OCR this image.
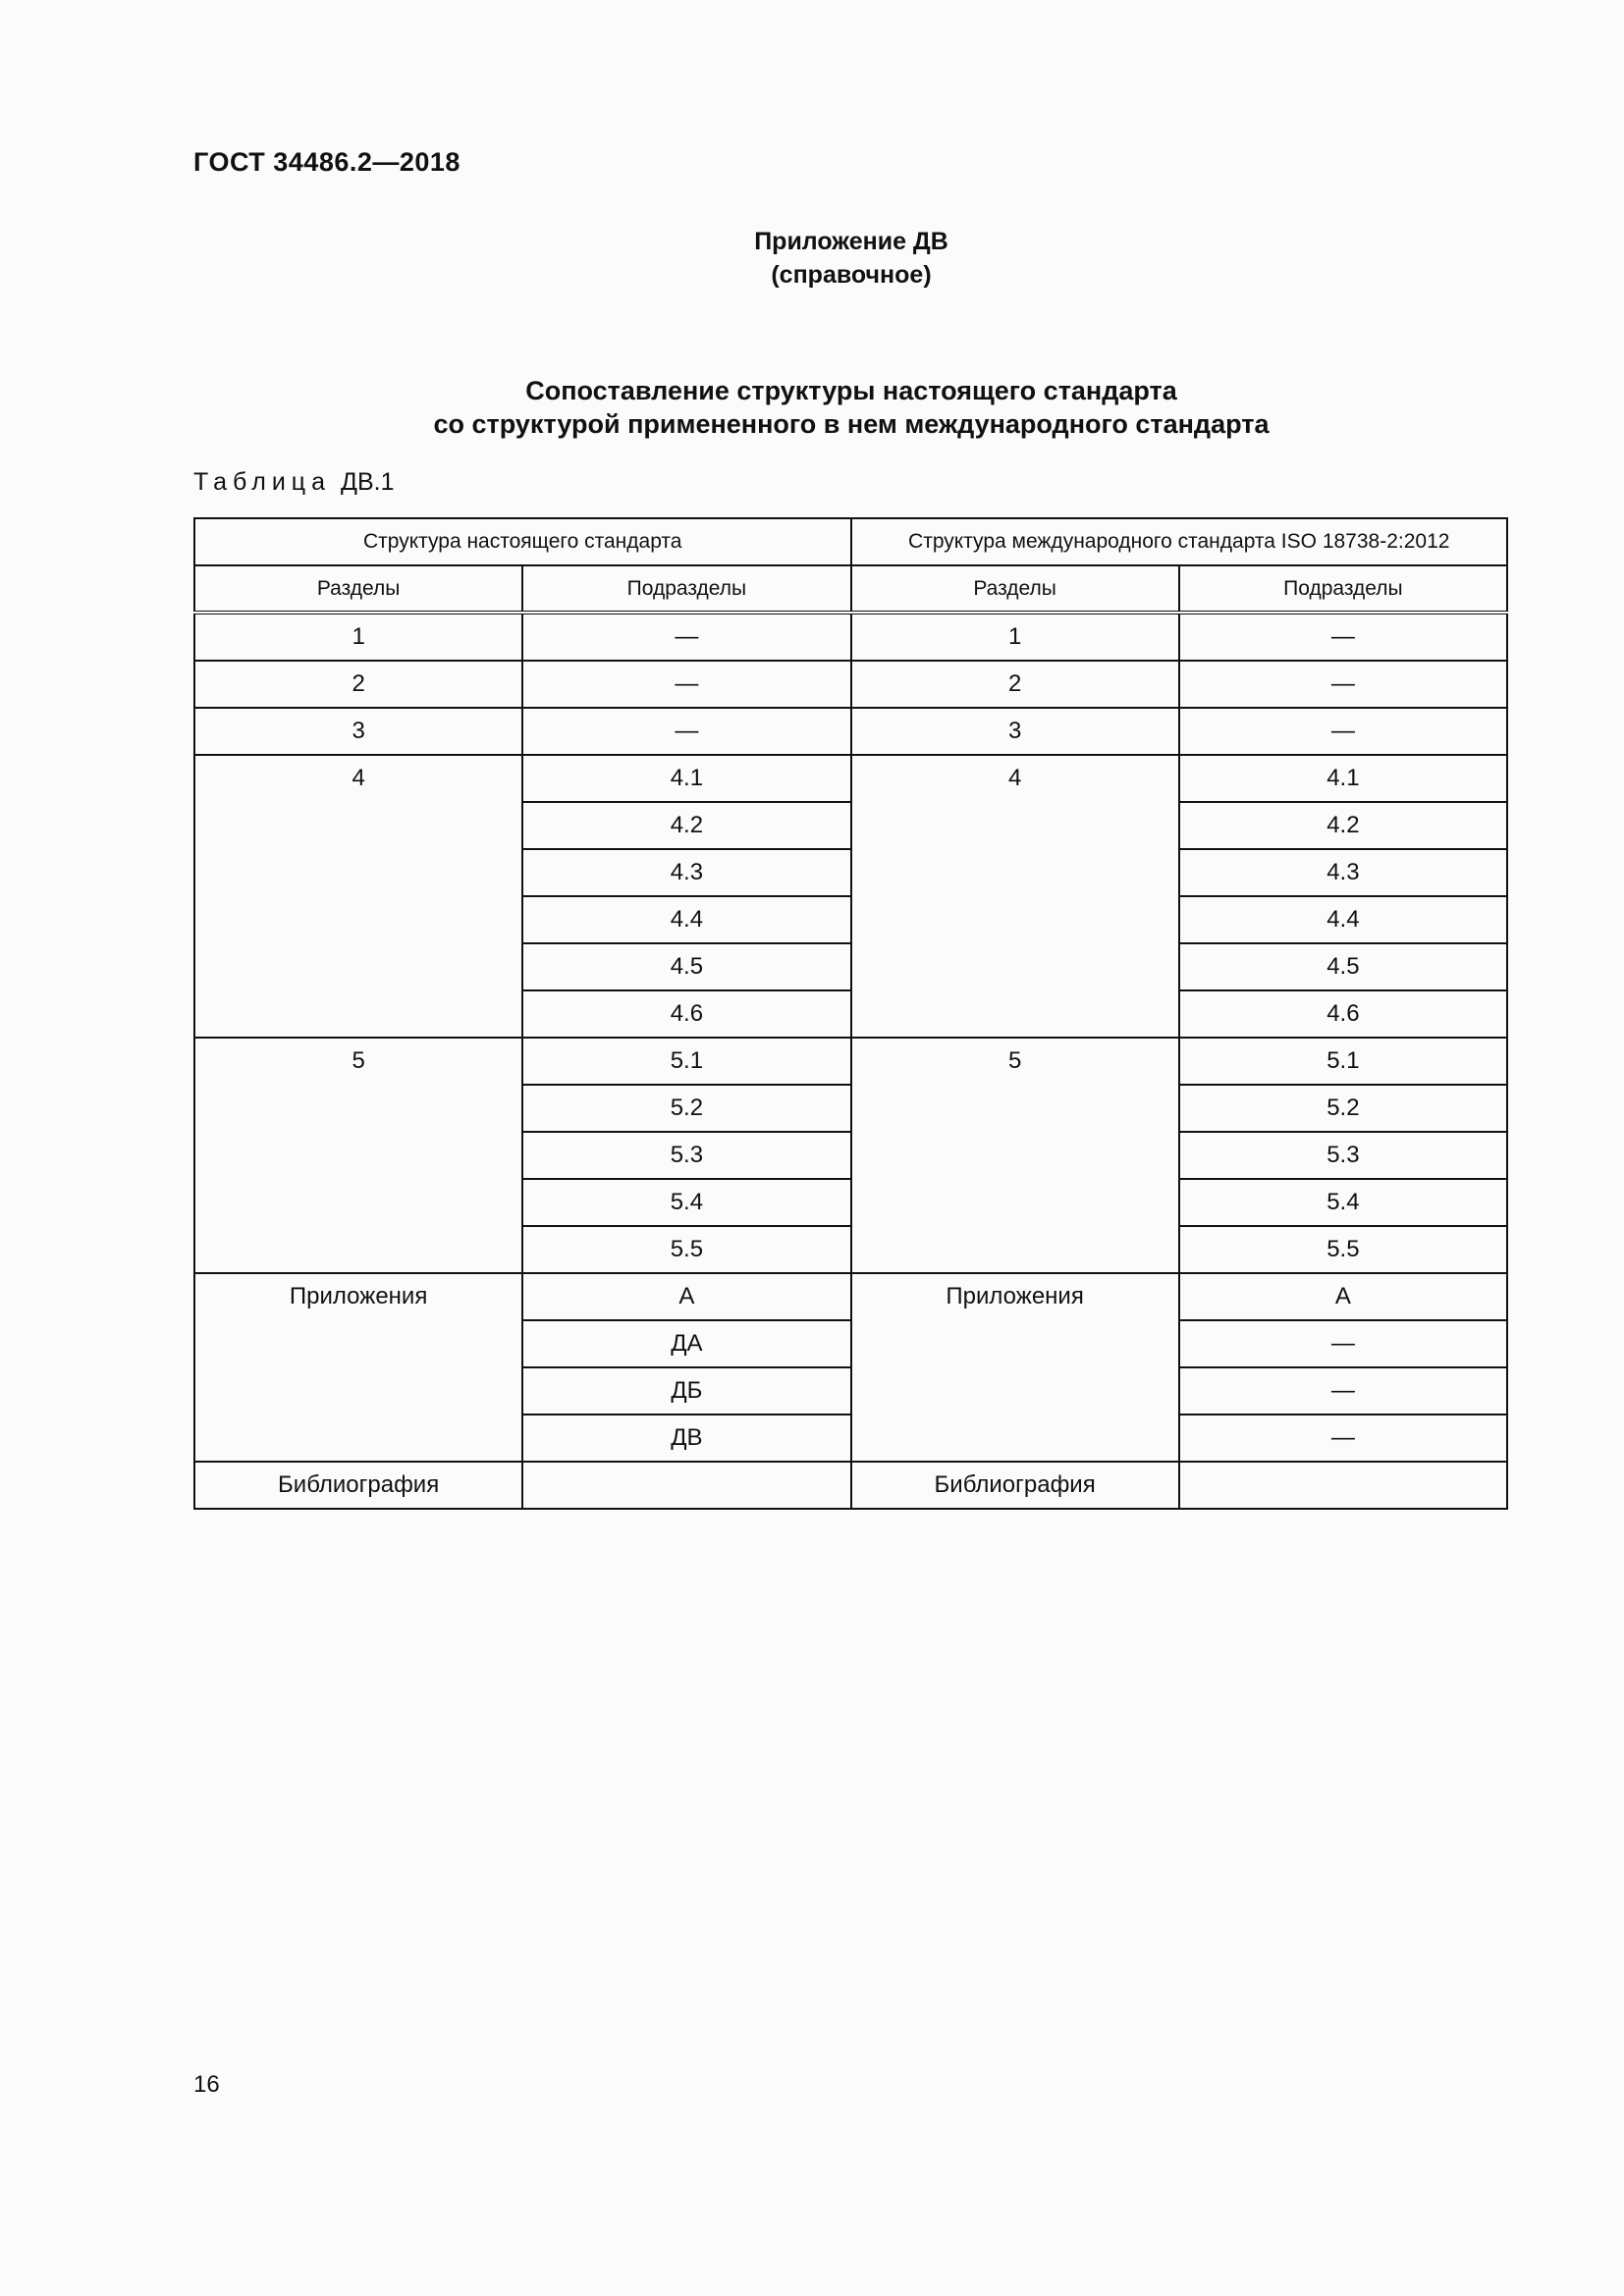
ГОСТ 34486.2—2018
Приложение ДВ
(справочное)
Сопоставление структуры настоящего стандарта
со структурой примененного в нем международного стандарта
Таблица ДВ.1
Структура настоящего стандарта		Структура международного стандарта ISO 18738-2:2012	
Разделы	Подразделы	Разделы	Подразделы
1	—	1	—
2	—	2	—
3	—	3	—
4	4.1	4	4.1
	4.2		4.2
	4.3		4.3
	4.4		4.4
	4.5		4.5
	4.6		4.6
5	5.1	5	5.1
	5.2		5.2
	5.3		5.3
	5.4		5.4
	5.5		5.5
Приложения	А	Приложения	А
	ДА		—
	ДБ		—
	ДВ		—
Библиография		Библиография	
16
